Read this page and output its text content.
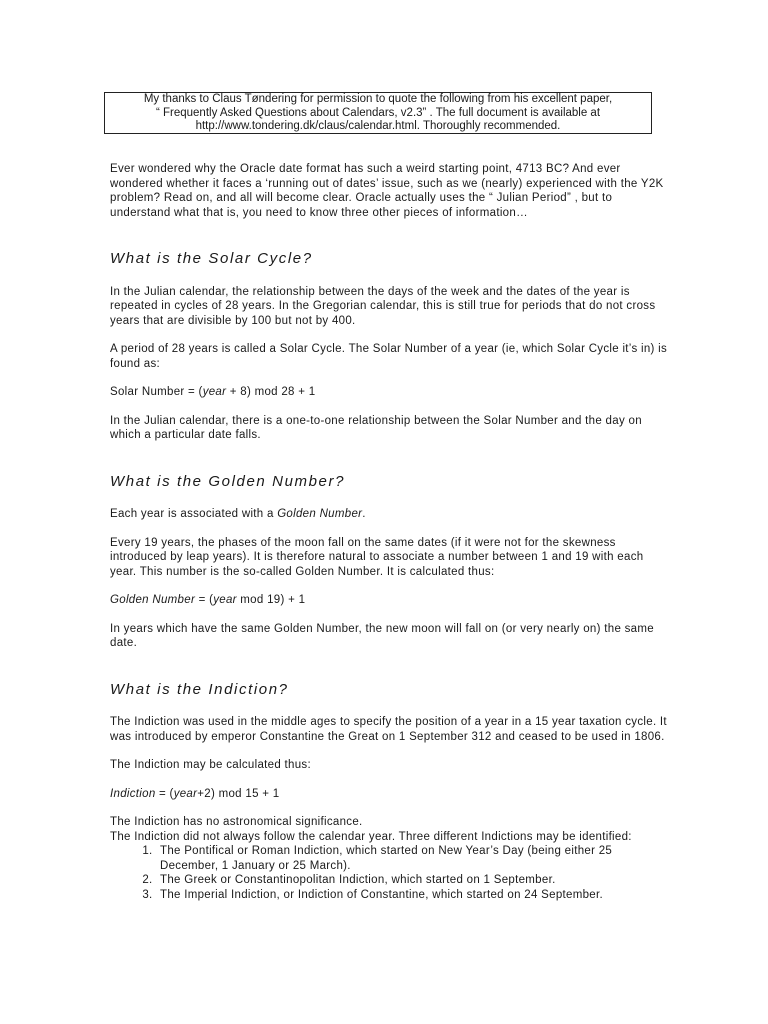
My thanks to Claus Tøndering for permission to quote the following from his excellent paper,
“ Frequently Asked Questions about Calendars, v2.3” . The full document is available at
http://www.tondering.dk/claus/calendar.html. Thoroughly recommended.

Ever wondered why the Oracle date format has such a weird starting point, 4713 BC? And ever wondered whether it faces a ‘running out of dates’ issue, such as we (nearly) experienced with the Y2K problem? Read on, and all will become clear. Oracle actually uses the “ Julian Period” , but to understand what that is, you need to know three other pieces of information…

What is the Solar Cycle?

In the Julian calendar, the relationship between the days of the week and the dates of the year is repeated in cycles of 28 years. In the Gregorian calendar, this is still true for periods that do not cross years that are divisible by 100 but not by 400.

A period of 28 years is called a Solar Cycle. The Solar Number of a year (ie, which Solar Cycle it’s in) is found as:

Solar Number = (year + 8) mod 28 + 1

In the Julian calendar, there is a one-to-one relationship between the Solar Number and the day on which a particular date falls.

What is the Golden Number?

Each year is associated with a Golden Number.

Every 19 years, the phases of the moon fall on the same dates (if it were not for the skewness introduced by leap years). It is therefore natural to associate a number between 1 and 19 with each year. This number is the so-called Golden Number. It is calculated thus:

Golden Number = (year mod 19) + 1

In years which have the same Golden Number, the new moon will fall on (or very nearly on) the same date.

What is the Indiction?

The Indiction was used in the middle ages to specify the position of a year in a 15 year taxation cycle. It was introduced by emperor Constantine the Great on 1 September 312 and ceased to be used in 1806.

The Indiction may be calculated thus:

Indiction = (year+2) mod 15 + 1

The Indiction has no astronomical significance.

The Indiction did not always follow the calendar year. Three different Indictions may be identified:

1. The Pontifical or Roman Indiction, which started on New Year’s Day (being either 25 December, 1 January or 25 March).
2. The Greek or Constantinopolitan Indiction, which started on 1 September.
3. The Imperial Indiction, or Indiction of Constantine, which started on 24 September.
